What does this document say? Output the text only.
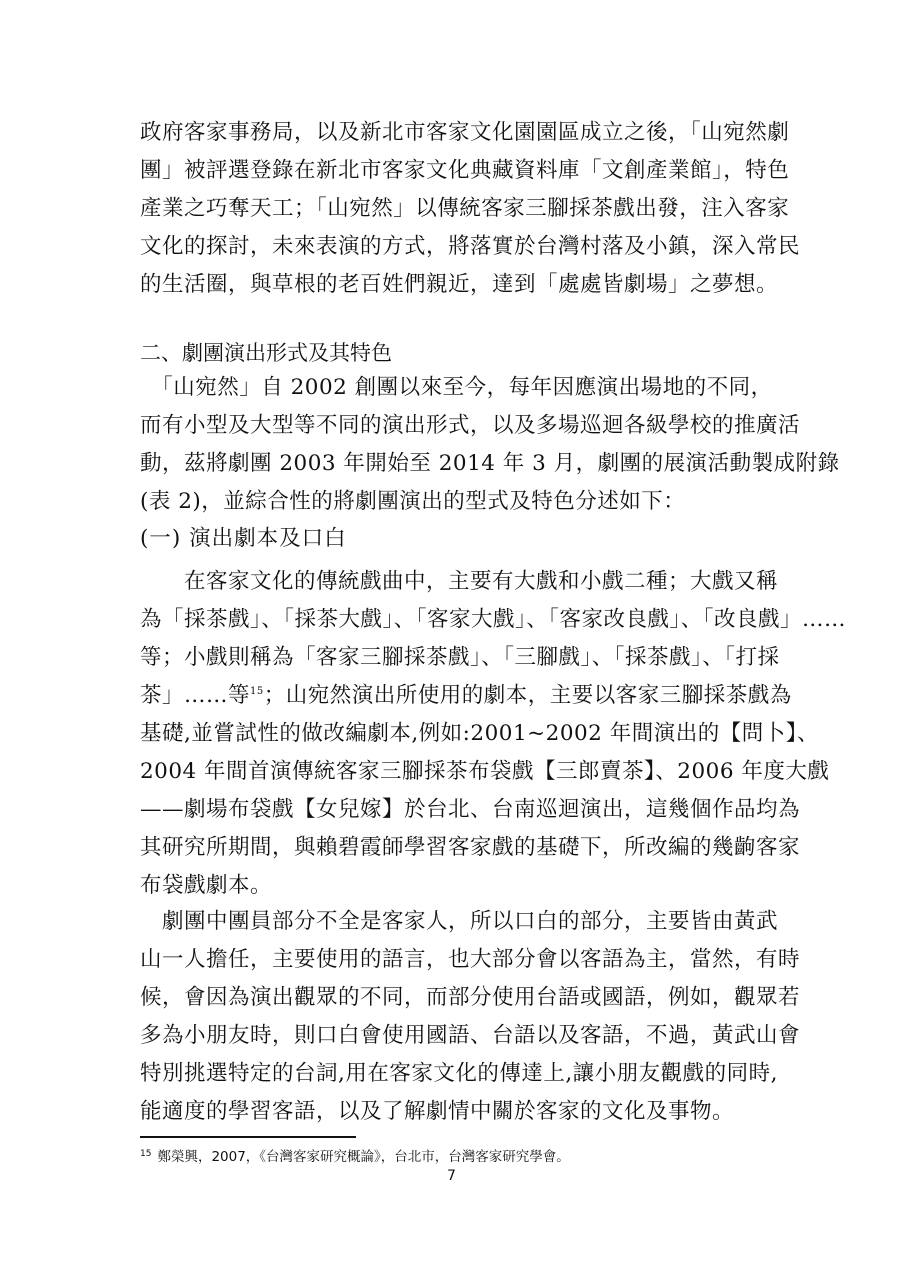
政府客家事務局，以及新北市客家文化園園區成立之後，「山宛然劇
團」被評選登錄在新北市客家文化典藏資料庫「文創產業館」，特色
產業之巧奪天工；「山宛然」以傳統客家三腳採茶戲出發，注入客家
文化的探討，未來表演的方式，將落實於台灣村落及小鎮，深入常民
的生活圈，與草根的老百姓們親近，達到「處處皆劇場」之夢想。
二、劇團演出形式及其特色
　「山宛然」自 2002 創團以來至今，每年因應演出場地的不同，
而有小型及大型等不同的演出形式，以及多場巡迴各級學校的推廣活
動，茲將劇團 2003 年開始至 2014 年 3 月，劇團的展演活動製成附錄
(表 2)，並綜合性的將劇團演出的型式及特色分述如下：
(一) 演出劇本及口白
　　在客家文化的傳統戲曲中，主要有大戲和小戲二種；大戲又稱
為「採茶戲」、「採茶大戲」、「客家大戲」、「客家改良戲」、「改良戲」……
等；小戲則稱為「客家三腳採茶戲」、「三腳戲」、「採茶戲」、「打採
茶」……等$^{15}$；山宛然演出所使用的劇本，主要以客家三腳採茶戲為
基礎,並嘗試性的做改編劇本,例如:2001~2002 年間演出的【問卜】、
2004 年間首演傳統客家三腳採茶布袋戲【三郎賣茶】、2006 年度大戲
——劇場布袋戲【女兒嫁】於台北、台南巡迴演出，這幾個作品均為
其研究所期間，與賴碧霞師學習客家戲的基礎下，所改編的幾齣客家
布袋戲劇本。
　劇團中團員部分不全是客家人，所以口白的部分，主要皆由黃武
山一人擔任，主要使用的語言，也大部分會以客語為主，當然，有時
候，會因為演出觀眾的不同，而部分使用台語或國語，例如，觀眾若
多為小朋友時，則口白會使用國語、台語以及客語，不過，黃武山會
特別挑選特定的台詞,用在客家文化的傳達上,讓小朋友觀戲的同時,
能適度的學習客語，以及了解劇情中關於客家的文化及事物。
$^{15}$ 鄭榮興，2007，《台灣客家研究概論》，台北市，台灣客家研究學會。
7
